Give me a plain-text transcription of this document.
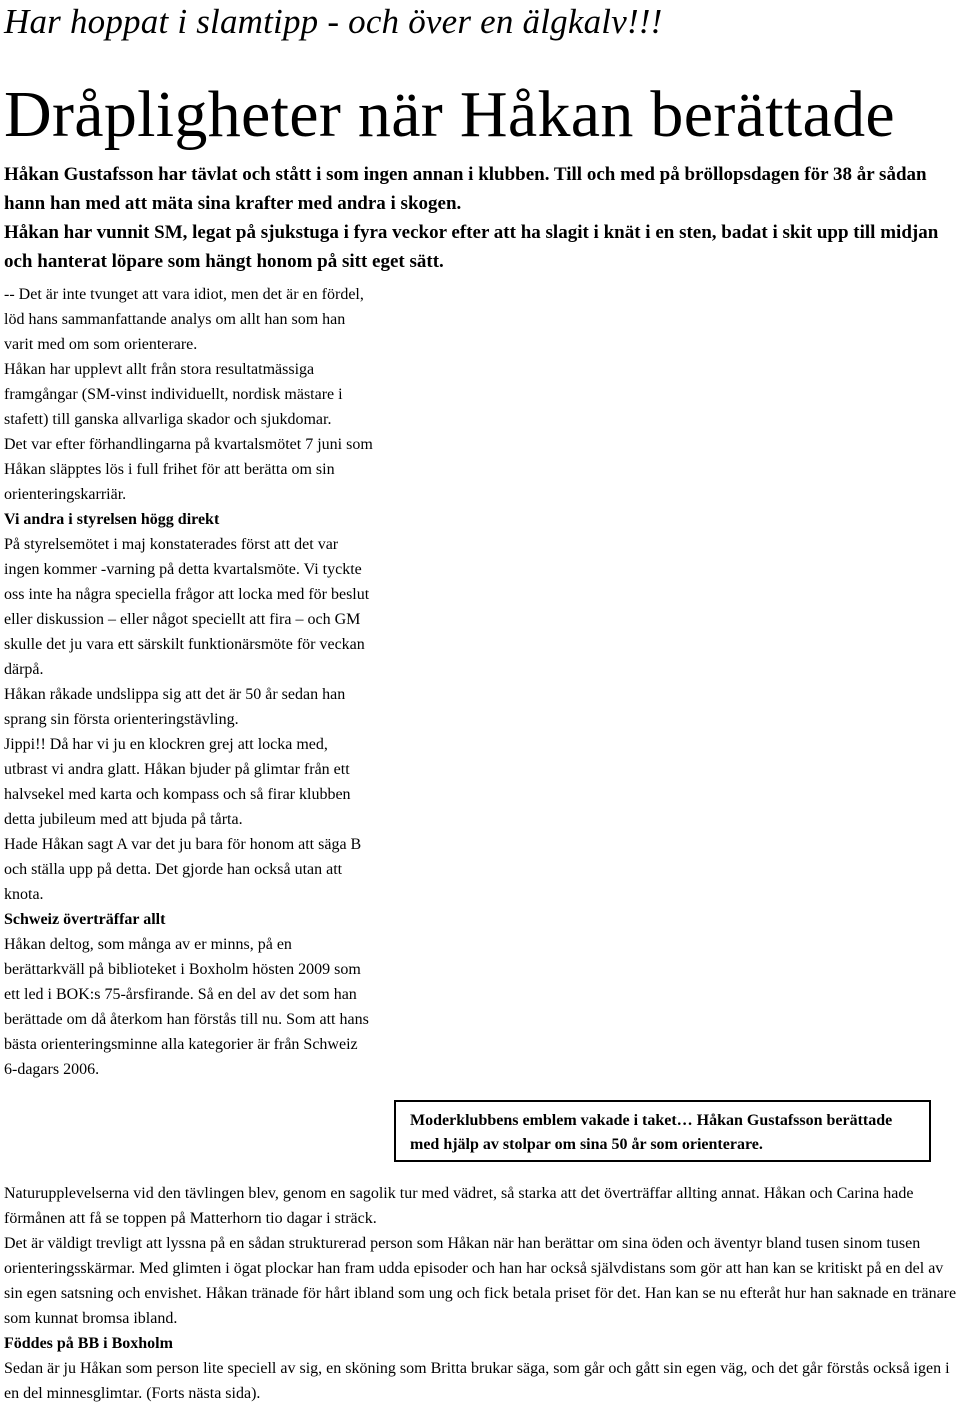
Har hoppat i slamtipp - och över en älgkalv!!!
Dråpligheter när Håkan berättade

Håkan Gustafsson har tävlat och stått i som ingen annan i klubben. Till och med på bröllopsdagen för 38 år sådan hann han med att mäta sina krafter med andra i skogen.

Håkan har vunnit SM, legat på sjukstuga i fyra veckor efter att ha slagit i knät i en sten, badat i skit upp till midjan och hanterat löpare som hängt honom på sitt eget sätt.

-- Det är inte tvunget att vara idiot, men det är en fördel, löd hans sammanfattande analys om allt han som han varit med om som orienterare.

Håkan har upplevt allt från stora resultatmässiga framgångar (SM-vinst individuellt, nordisk mästare i stafett) till ganska allvarliga skador och sjukdomar.

Det var efter förhandlingarna på kvartalsmötet 7 juni som Håkan släpptes lös i full frihet för att berätta om sin orienteringskarriär.

Vi andra i styrelsen högg direkt

På styrelsemötet i maj konstaterades först att det var ingen kommer -varning på detta kvartalsmöte. Vi tyckte oss inte ha några speciella frågor att locka med för beslut eller diskussion – eller något speciellt att fira – och GM skulle det ju vara ett särskilt funktionärsmöte för veckan därpå.

Håkan råkade undslippa sig att det är 50 år sedan han sprang sin första orienteringstävling.

Jippi!! Då har vi ju en klockren grej att locka med, utbrast vi andra glatt. Håkan bjuder på glimtar från ett halvsekel med karta och kompass och så firar klubben detta jubileum med att bjuda på tårta.

Hade Håkan sagt A var det ju bara för honom att säga B och ställa upp på detta. Det gjorde han också utan att knota.

Schweiz överträffar allt

Håkan deltog, som många av er minns, på en berättarkväll på biblioteket i Boxholm hösten 2009 som ett led i BOK:s 75-årsfirande. Så en del av det som han berättade om då återkom han förstås till nu. Som att hans bästa orienteringsminne alla kategorier är från Schweiz 6-dagars 2006.

Moderklubbens emblem vakade i taket… Håkan Gustafsson berättade med hjälp av stolpar om sina 50 år som orienterare.

Naturupplevelserna vid den tävlingen blev, genom en sagolik tur med vädret, så starka att det överträffar allting annat. Håkan och Carina hade förmånen att få se toppen på Matterhorn tio dagar i sträck.

Det är väldigt trevligt att lyssna på en sådan strukturerad person som Håkan när han berättar om sina öden och äventyr bland tusen sinom tusen orienteringsskärmar. Med glimten i ögat plockar han fram udda episoder och han har också självdistans som gör att han kan se kritiskt på en del av sin egen satsning och envishet. Håkan tränade för hårt ibland som ung och fick betala priset för det. Han kan se nu efteråt hur han saknade en tränare som kunnat bromsa ibland.

Föddes på BB i Boxholm

Sedan är ju Håkan som person lite speciell av sig, en sköning som Britta brukar säga, som går och gått sin egen väg, och det går förstås också igen i en del minnesglimtar. (Forts nästa sida).
